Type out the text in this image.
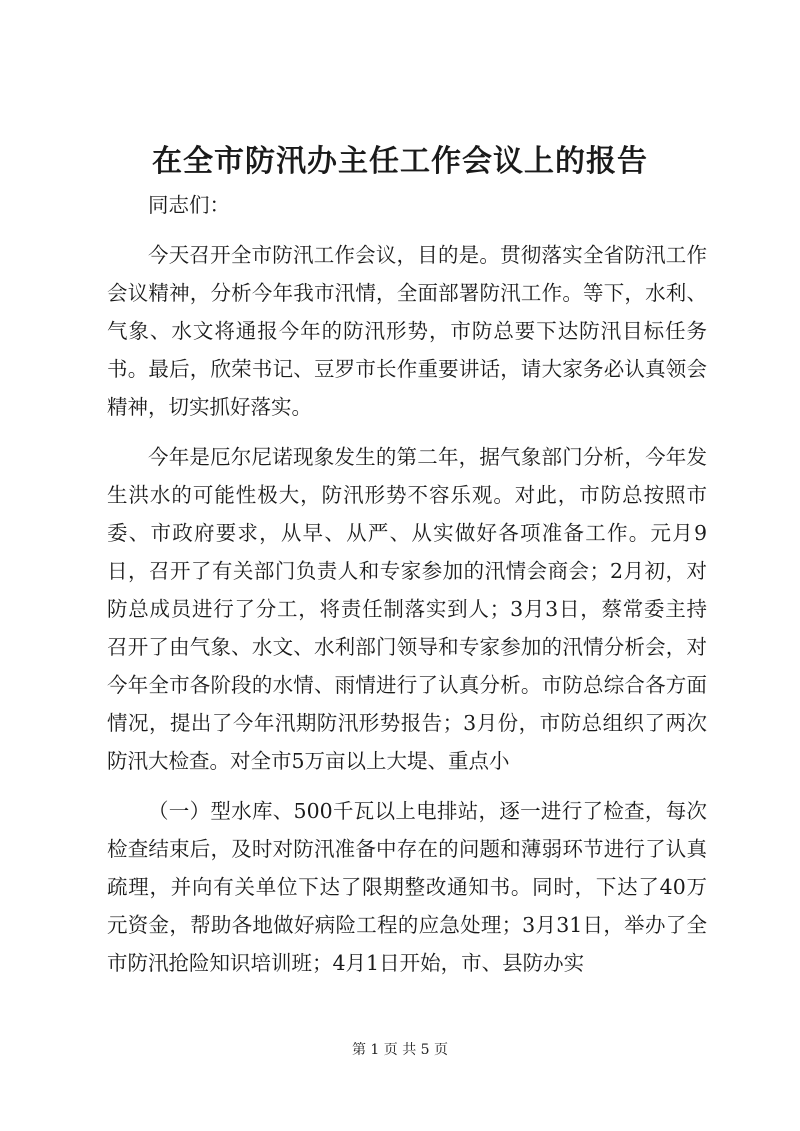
在全市防汛办主任工作会议上的报告

同志们：

今天召开全市防汛工作会议，目的是。贯彻落实全省防汛工作会议精神，分析今年我市汛情，全面部署防汛工作。等下，水利、气象、水文将通报今年的防汛形势，市防总要下达防汛目标任务书。最后，欣荣书记、豆罗市长作重要讲话，请大家务必认真领会精神，切实抓好落实。

今年是厄尔尼诺现象发生的第二年，据气象部门分析，今年发生洪水的可能性极大，防汛形势不容乐观。对此，市防总按照市委、市政府要求，从早、从严、从实做好各项准备工作。元月9日，召开了有关部门负责人和专家参加的汛情会商会；2月初，对防总成员进行了分工，将责任制落实到人；3月3日，蔡常委主持召开了由气象、水文、水利部门领导和专家参加的汛情分析会，对今年全市各阶段的水情、雨情进行了认真分析。市防总综合各方面情况，提出了今年汛期防汛形势报告；3月份，市防总组织了两次防汛大检查。对全市5万亩以上大堤、重点小

（一）型水库、500千瓦以上电排站，逐一进行了检查，每次检查结束后，及时对防汛准备中存在的问题和薄弱环节进行了认真疏理，并向有关单位下达了限期整改通知书。同时，下达了40万元资金，帮助各地做好病险工程的应急处理；3月31日，举办了全市防汛抢险知识培训班；4月1日开始，市、县防办实

第 1 页 共 5 页
